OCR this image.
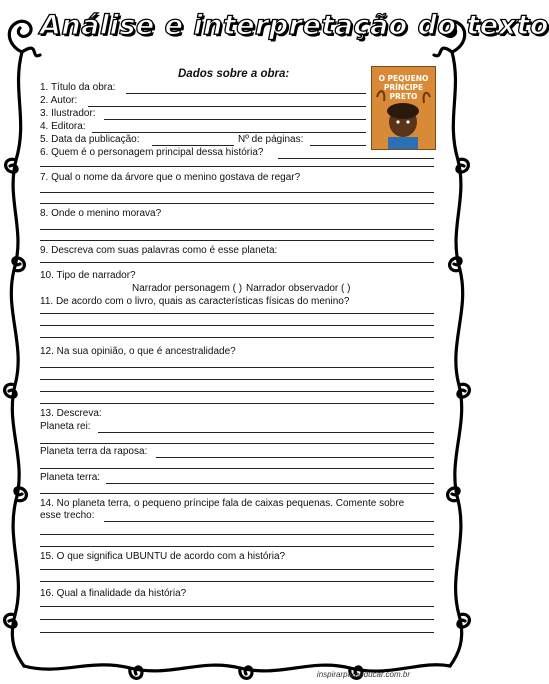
Análise e interpretação do texto
Dados sobre a obra:	O PEQUENO
PRÍNCIPE
PRETO
1. Título da obra:
2. Autor:
3. Ilustrador:
4. Editora:
5. Data da publicação:	Nº de páginas:
6. Quem é o personagem principal dessa história?
7. Qual o nome da árvore que o menino gostava de regar?
8. Onde o menino morava?
9. Descreva com suas palavras como é esse planeta:
10. Tipo de narrador?
Narrador personagem ( ) Narrador observador ( )
11. De acordo com o livro, quais as características físicas do menino?
12. Na sua opinião, o que é ancestralidade?
13. Descreva:
Planeta rei:
Planeta terra da raposa:
Planeta terra:
14. No planeta terra, o pequeno príncipe fala de caixas pequenas. Comente sobre
esse trecho:
15. O que significa UBUNTU de acordo com a história?
16. Qual a finalidade da história?
inspirarparaeducar.com.br
